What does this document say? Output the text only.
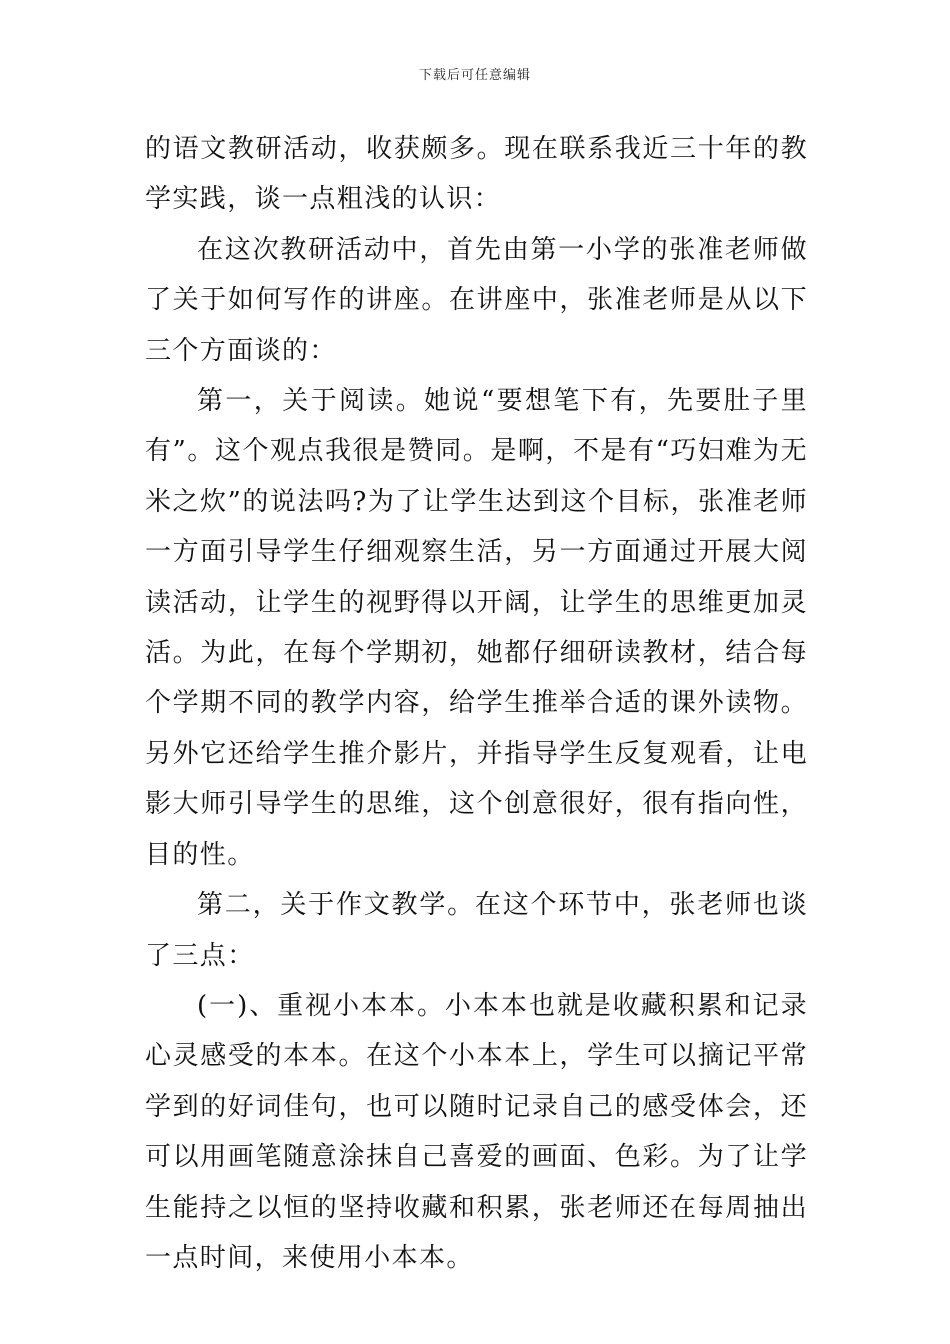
下载后可任意编辑

的语文教研活动，收获颇多。现在联系我近三十年的教学实践，谈一点粗浅的认识：

在这次教研活动中，首先由第一小学的张准老师做了关于如何写作的讲座。在讲座中，张准老师是从以下三个方面谈的：

第一，关于阅读。她说“要想笔下有，先要肚子里有”。这个观点我很是赞同。是啊，不是有“巧妇难为无米之炊”的说法吗?为了让学生达到这个目标，张准老师一方面引导学生仔细观察生活，另一方面通过开展大阅读活动，让学生的视野得以开阔，让学生的思维更加灵活。为此，在每个学期初，她都仔细研读教材，结合每个学期不同的教学内容，给学生推举合适的课外读物。另外它还给学生推介影片，并指导学生反复观看，让电影大师引导学生的思维，这个创意很好，很有指向性，目的性。

第二，关于作文教学。在这个环节中，张老师也谈了三点：

(一)、重视小本本。小本本也就是收藏积累和记录心灵感受的本本。在这个小本本上，学生可以摘记平常学到的好词佳句，也可以随时记录自己的感受体会，还可以用画笔随意涂抹自己喜爱的画面、色彩。为了让学生能持之以恒的坚持收藏和积累，张老师还在每周抽出一点时间，来使用小本本。
